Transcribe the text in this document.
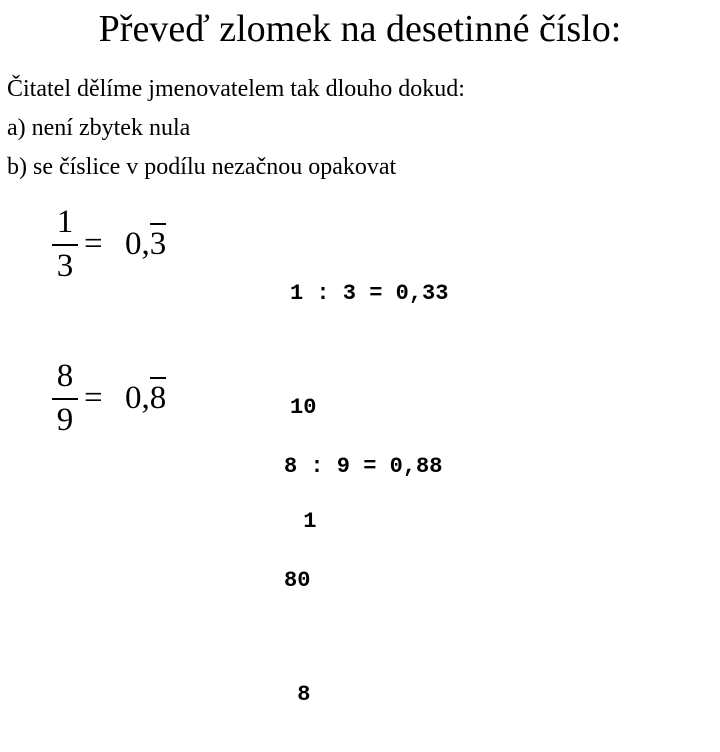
Převeď zlomek na desetinné číslo:
Čitatel dělíme jmenovatelem tak dlouho dokud:
a) není zbytek nula
b) se číslice v podílu nezačnou opakovat
1
3
= 0,3

1 : 3 = 0,33

10

1

8
9
= 0,8

8 : 9 = 0,88

80

8
